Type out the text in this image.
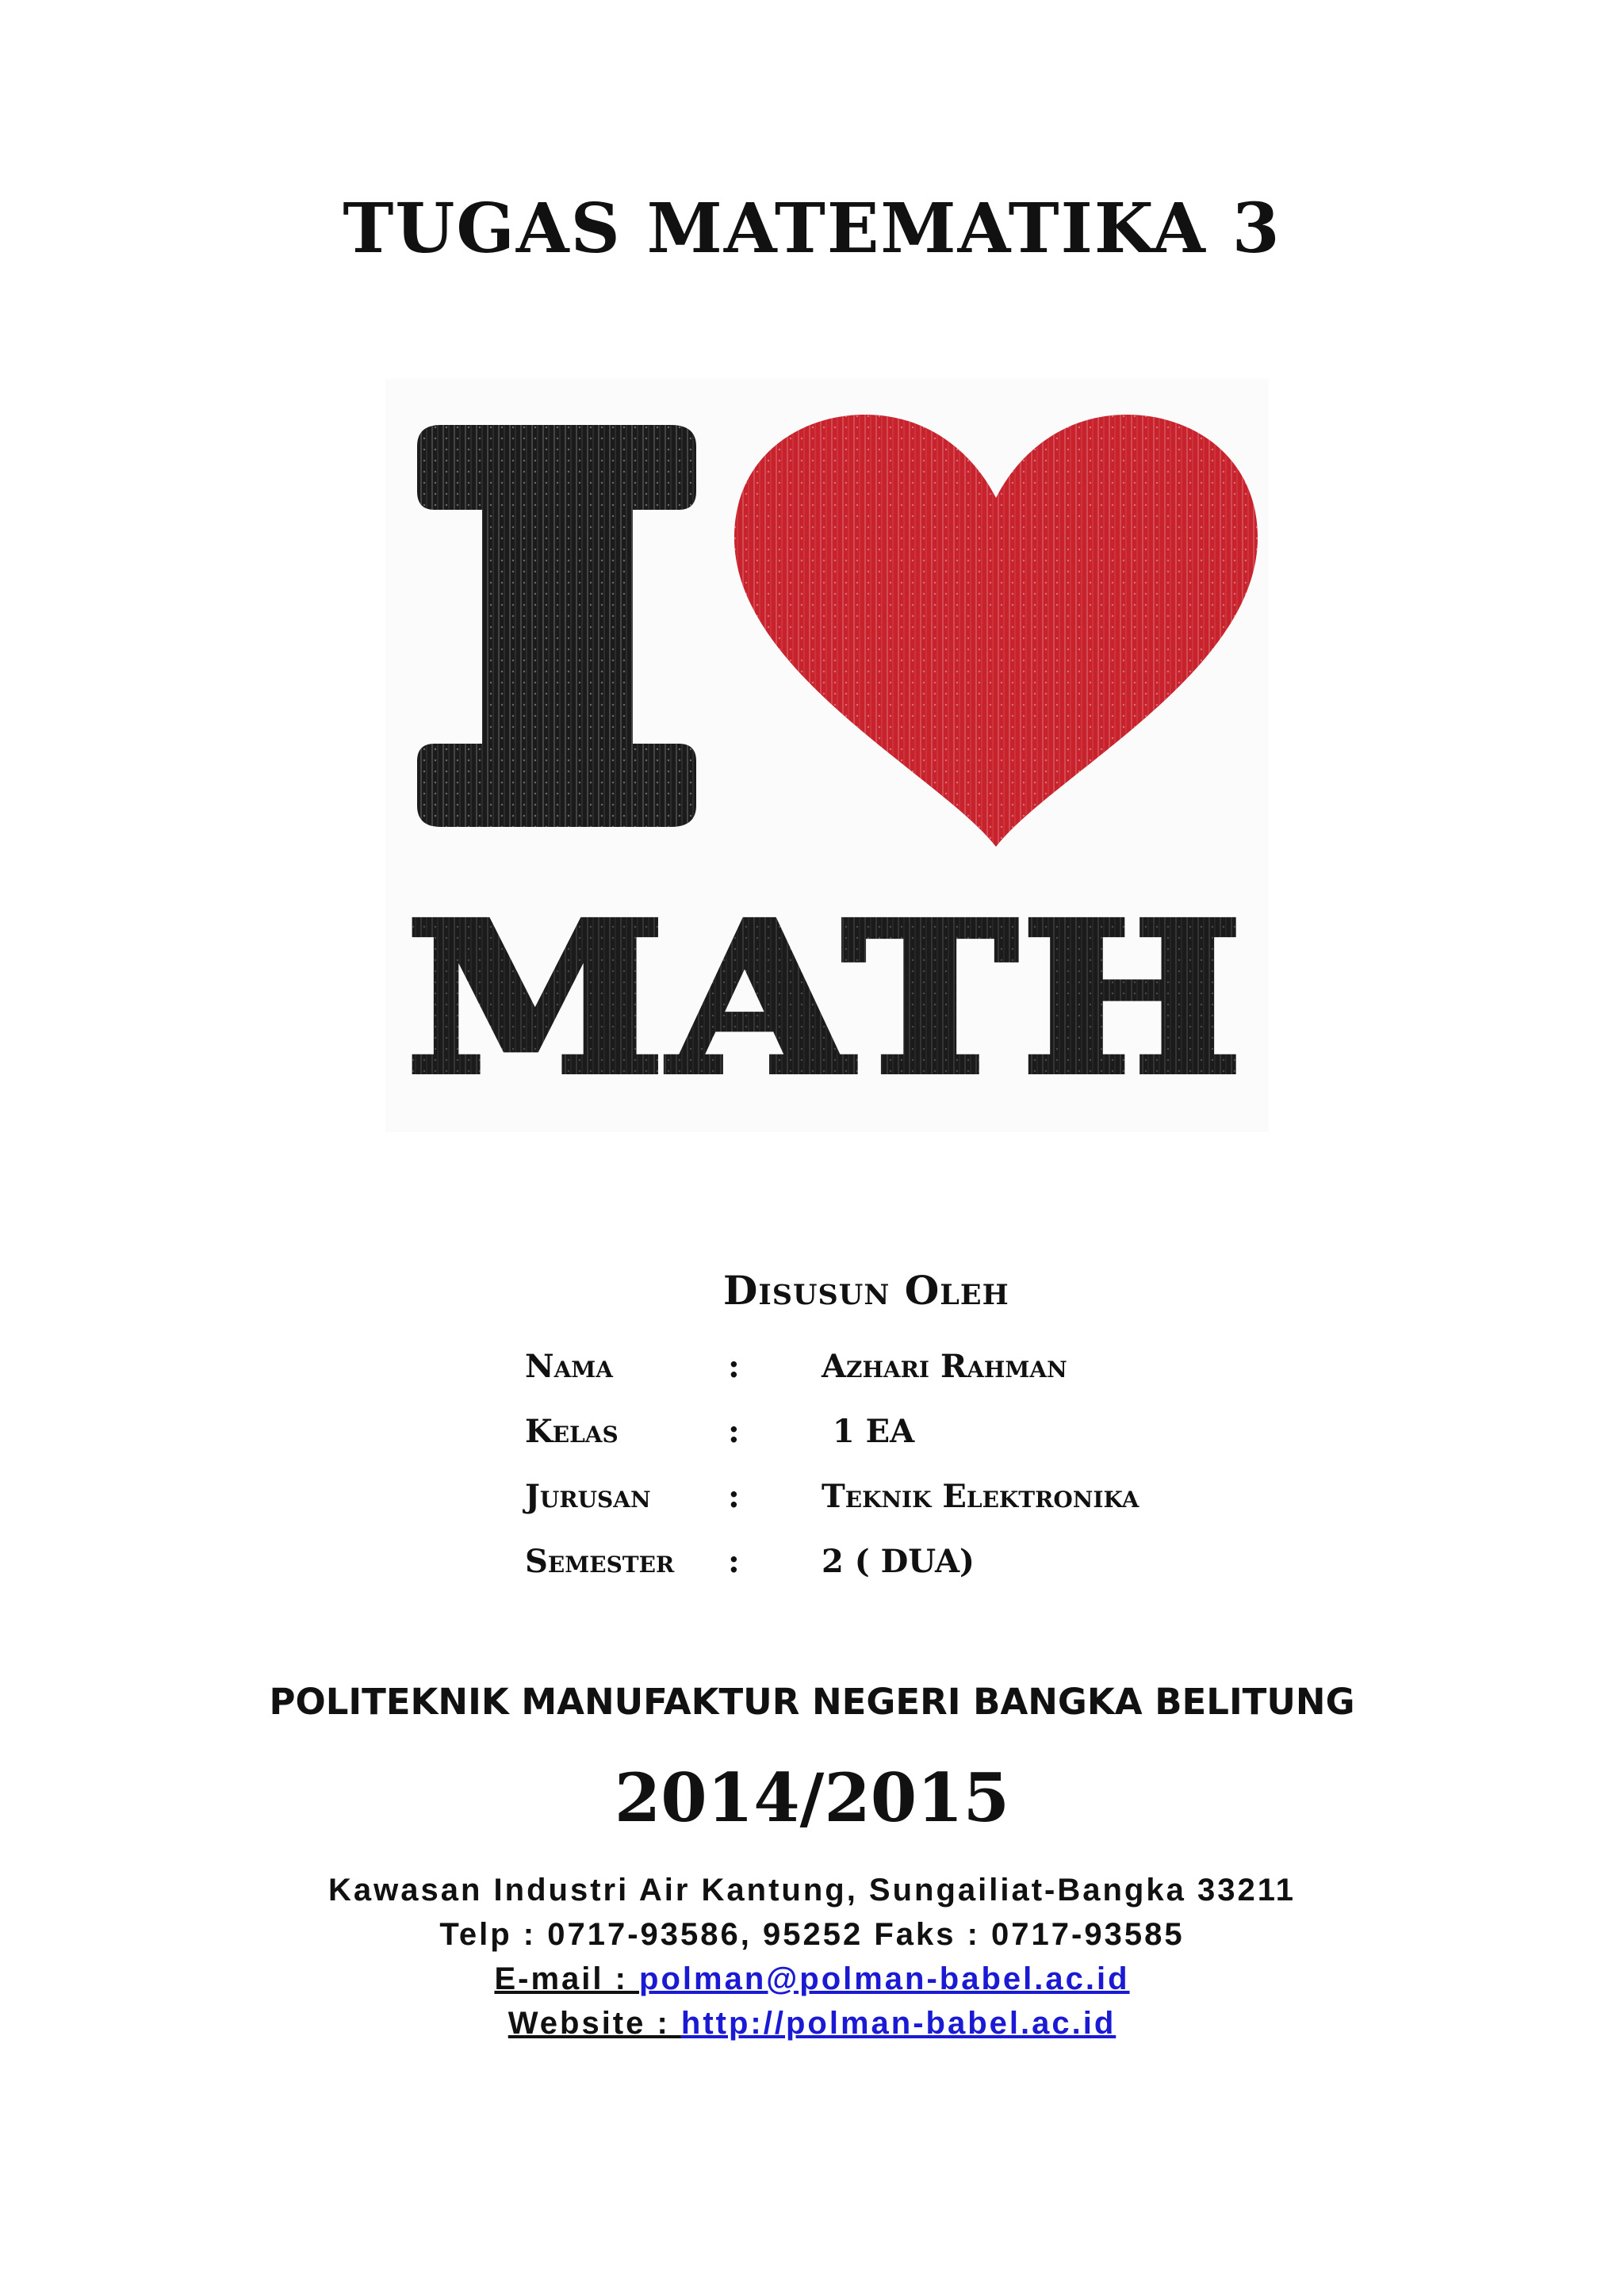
TUGAS MATEMATIKA 3
Disusun Oleh
Nama	:	Azhari Rahman
Kelas	:	1 EA
Jurusan :	Teknik Elektronika
Semester :	2 ( DUA)
POLITEKNIK MANUFAKTUR NEGERI BANGKA BELITUNG
2014/2015
Kawasan Industri Air Kantung, Sungailiat-Bangka 33211
Telp : 0717-93586, 95252 Faks : 0717-93585
E-mail : polman@polman-babel.ac.id
Website : http://polman-babel.ac.id
